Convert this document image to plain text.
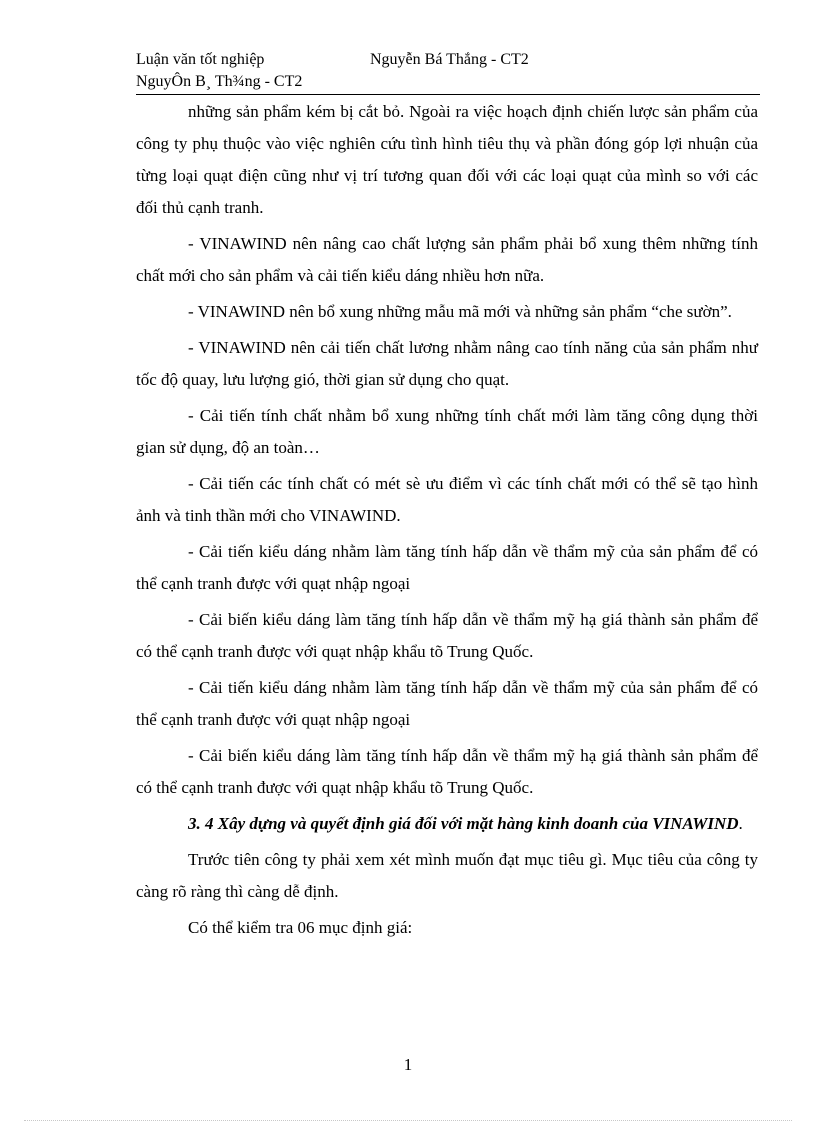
Luận văn tốt nghiệp	Nguyễn Bá Thắng - CT2
NguyÔn B¸ Th¾ng - CT2

những sản phẩm kém bị cắt bỏ. Ngoài ra việc hoạch định chiến lược sản phẩm của công ty phụ thuộc vào việc nghiên cứu tình hình tiêu thụ và phần đóng góp lợi nhuận của từng loại quạt điện cũng như vị trí tương quan đối với các loại quạt của mình so với các đối thủ cạnh tranh.

- VINAWIND nên nâng cao chất lượng sản phẩm phải bổ xung thêm những tính chất mới cho sản phẩm và cải tiến kiểu dáng nhiều hơn nữa.

- VINAWIND nên bổ xung những mẫu mã mới và những sản phẩm “che sườn”.

- VINAWIND nên cải tiến chất lương nhằm nâng cao tính năng của sản phẩm như tốc độ quay, lưu lượng gió, thời gian sử dụng cho quạt.

- Cải tiến tính chất nhằm bổ xung những tính chất mới làm tăng công dụng thời gian sử dụng, độ an toàn…

- Cải tiến các tính chất có mét sè ưu điểm vì các tính chất mới có thể sẽ tạo hình ảnh và tinh thần mới cho VINAWIND.

- Cải tiến kiểu dáng nhằm làm tăng tính hấp dẫn về thẩm mỹ của sản phẩm để có thể cạnh tranh được với quạt nhập ngoại

- Cải biến kiểu dáng làm tăng tính hấp dẫn về thẩm mỹ hạ giá thành sản phẩm để có thể cạnh tranh được với quạt nhập khẩu tõ Trung Quốc.

- Cải tiến kiểu dáng nhằm làm tăng tính hấp dẫn về thẩm mỹ của sản phẩm để có thể cạnh tranh được với quạt nhập ngoại

- Cải biến kiểu dáng làm tăng tính hấp dẫn về thẩm mỹ hạ giá thành sản phẩm để có thể cạnh tranh được với quạt nhập khẩu tõ Trung Quốc.

3. 4 Xây dựng và quyết định giá đối với mặt hàng kinh doanh của VINAWIND.

Trước tiên công ty phải xem xét mình muốn đạt mục tiêu gì. Mục tiêu của công ty càng rõ ràng thì càng dễ định.

Có thể kiểm tra 06 mục định giá:

1
